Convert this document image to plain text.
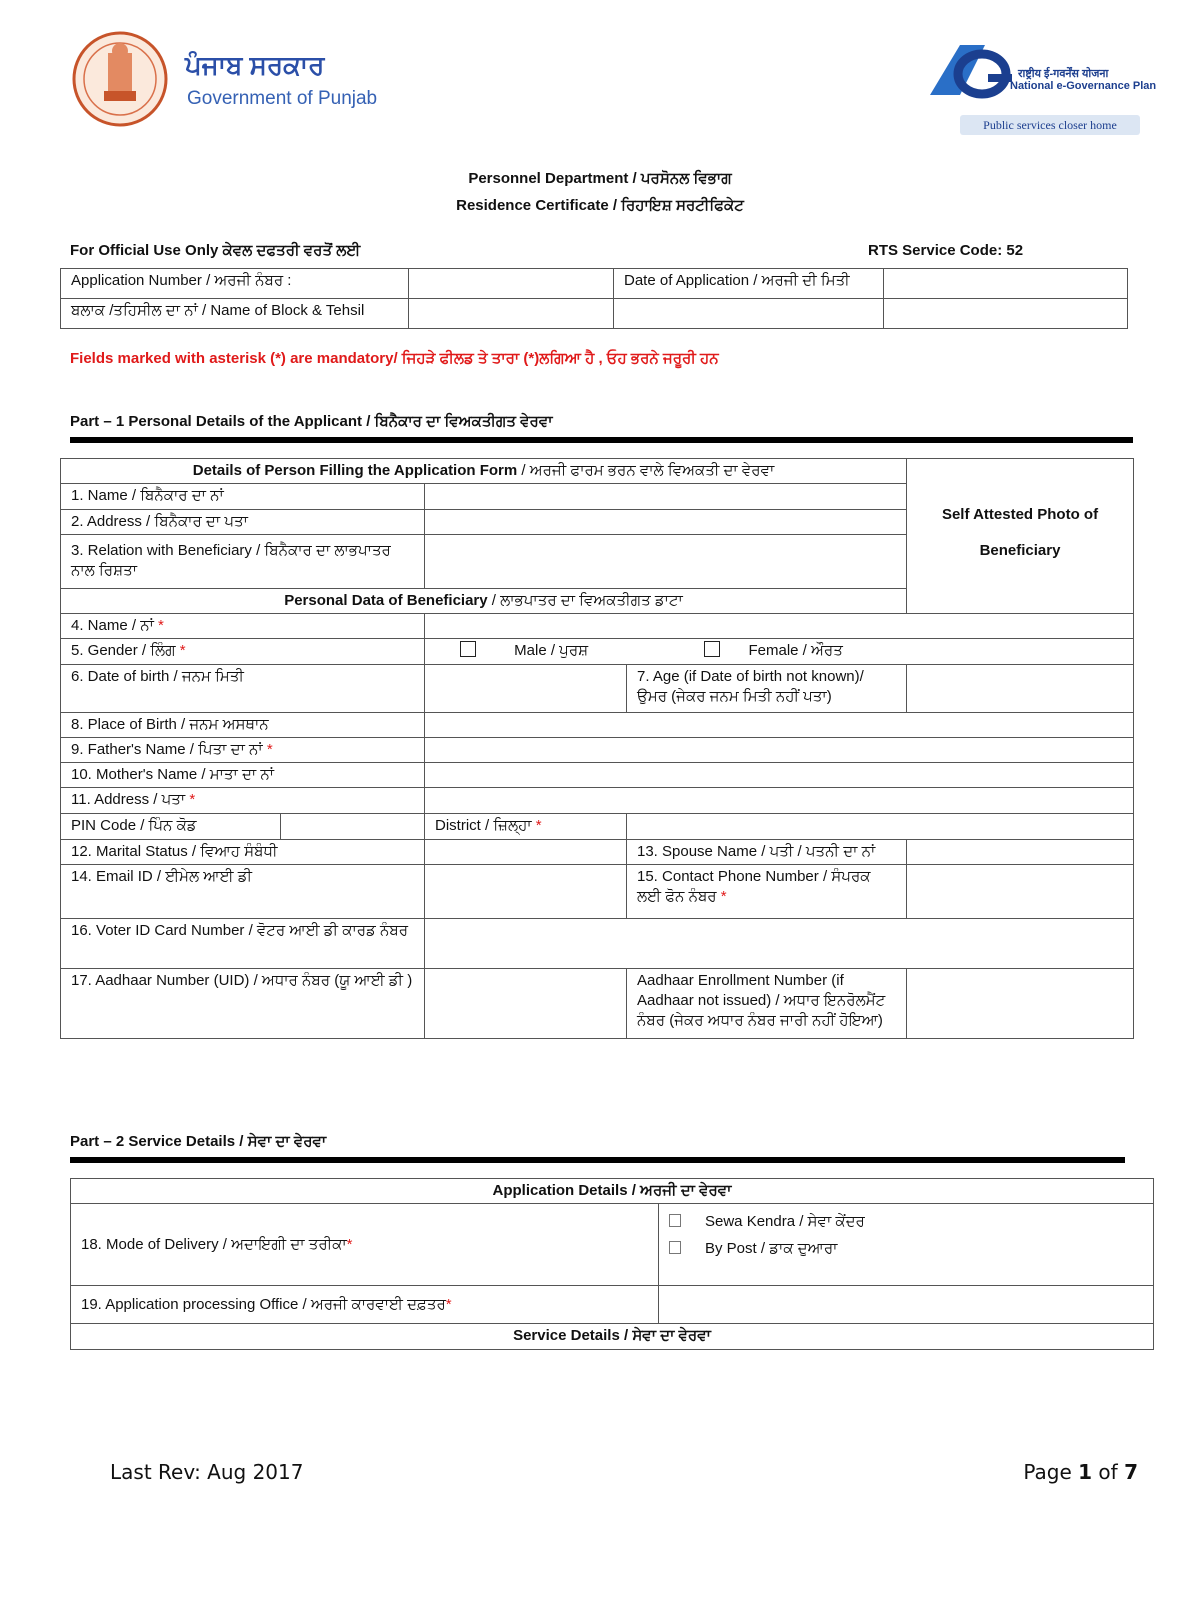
ਪੰਜਾਬ ਸਰਕਾਰ
Government of Punjab
राष्ट्रीय ई-गवर्नेंस योजना
National e-Governance Plan
Public services closer home
Personnel Department / ਪਰਸੋਨਲ ਵਿਭਾਗ
Residence Certificate / ਰਿਹਾਇਸ਼ ਸਰਟੀਫਿਕੇਟ
For Official Use Only ਕੇਵਲ ਦਫਤਰੀ ਵਰਤੋਂ ਲਈ	RTS Service Code: 52
Application Number / ਅਰਜੀ ਨੰਬਰ :		Date of Application / ਅਰਜੀ ਦੀ ਮਿਤੀ	
ਬਲਾਕ /ਤਹਿਸੀਲ ਦਾ ਨਾਂ / Name of Block & Tehsil			
Fields marked with asterisk (*) are mandatory/ ਜਿਹੜੇ ਫੀਲਡ ਤੇ ਤਾਰਾ (*)ਲਗਿਆ ਹੈ , ਓਹ ਭਰਨੇ ਜਰੂਰੀ ਹਨ
Part – 1 Personal Details of the Applicant / ਬਿਨੈਕਾਰ ਦਾ ਵਿਅਕਤੀਗਤ ਵੇਰਵਾ
Details of Person Filling the Application Form / ਅਰਜੀ ਫਾਰਮ ਭਰਨ ਵਾਲੇ ਵਿਅਕਤੀ ਦਾ ਵੇਰਵਾ				Self Attested Photo of
Beneficiary

1. Name / ਬਿਨੈਕਾਰ ਦਾ ਨਾਂ				
2. Address / ਬਿਨੈਕਾਰ ਦਾ ਪਤਾ				
3. Relation with Beneficiary / ਬਿਨੈਕਾਰ ਦਾ ਲਾਭਪਾਤਰ ਨਾਲ ਰਿਸ਼ਤਾ				
Personal Data of Beneficiary / ਲਾਭਪਾਤਰ ਦਾ ਵਿਅਕਤੀਗਤ ਡਾਟਾ				

4. Name / ਨਾਂ *				
5. Gender / ਲਿੰਗ *		Male / ਪੁਰਸ਼ Female / ਔਰਤ		
6. Date of birth / ਜਨਮ ਮਿਤੀ			7. Age (if Date of birth not known)/ ਉਮਰ (ਜੇਕਰ ਜਨਮ ਮਿਤੀ ਨਹੀਂ ਪਤਾ)	
8. Place of Birth / ਜਨਮ ਅਸਥਾਨ				
9. Father's Name / ਪਿਤਾ ਦਾ ਨਾਂ *				
10. Mother's Name / ਮਾਤਾ ਦਾ ਨਾਂ				
11. Address / ਪਤਾ *				
PIN Code / ਪਿੰਨ ਕੋਡ		District / ਜ਼ਿਲ੍ਹਾ *		
12. Marital Status / ਵਿਆਹ ਸੰਬੰਧੀ			13. Spouse Name / ਪਤੀ / ਪਤਨੀ ਦਾ ਨਾਂ	
14. Email ID / ਈਮੇਲ ਆਈ ਡੀ			15. Contact Phone Number / ਸੰਪਰਕ ਲਈ ਫੋਨ ਨੰਬਰ *	
16. Voter ID Card Number / ਵੋਟਰ ਆਈ ਡੀ ਕਾਰਡ ਨੰਬਰ				
17. Aadhaar Number (UID) / ਅਧਾਰ ਨੰਬਰ (ਯੂ ਆਈ ਡੀ )			Aadhaar Enrollment Number (if Aadhaar not issued) / ਅਧਾਰ ਇਨਰੋਲਮੈਂਟ ਨੰਬਰ (ਜੇਕਰ ਅਧਾਰ ਨੰਬਰ ਜਾਰੀ ਨਹੀਂ ਹੋਇਆ)	
Part – 2 Service Details / ਸੇਵਾ ਦਾ ਵੇਰਵਾ
Application Details / ਅਰਜੀ ਦਾ ਵੇਰਵਾ	
18. Mode of Delivery / ਅਦਾਇਗੀ ਦਾ ਤਰੀਕਾ*	Sewa Kendra / ਸੇਵਾ ਕੇਂਦਰ
By Post / ਡਾਕ ਦੁਆਰਾ

19. Application processing Office / ਅਰਜੀ ਕਾਰਵਾਈ ਦਫ਼ਤਰ*	
Service Details / ਸੇਵਾ ਦਾ ਵੇਰਵਾ	
Last Rev: Aug 2017	Page 1 of 7
